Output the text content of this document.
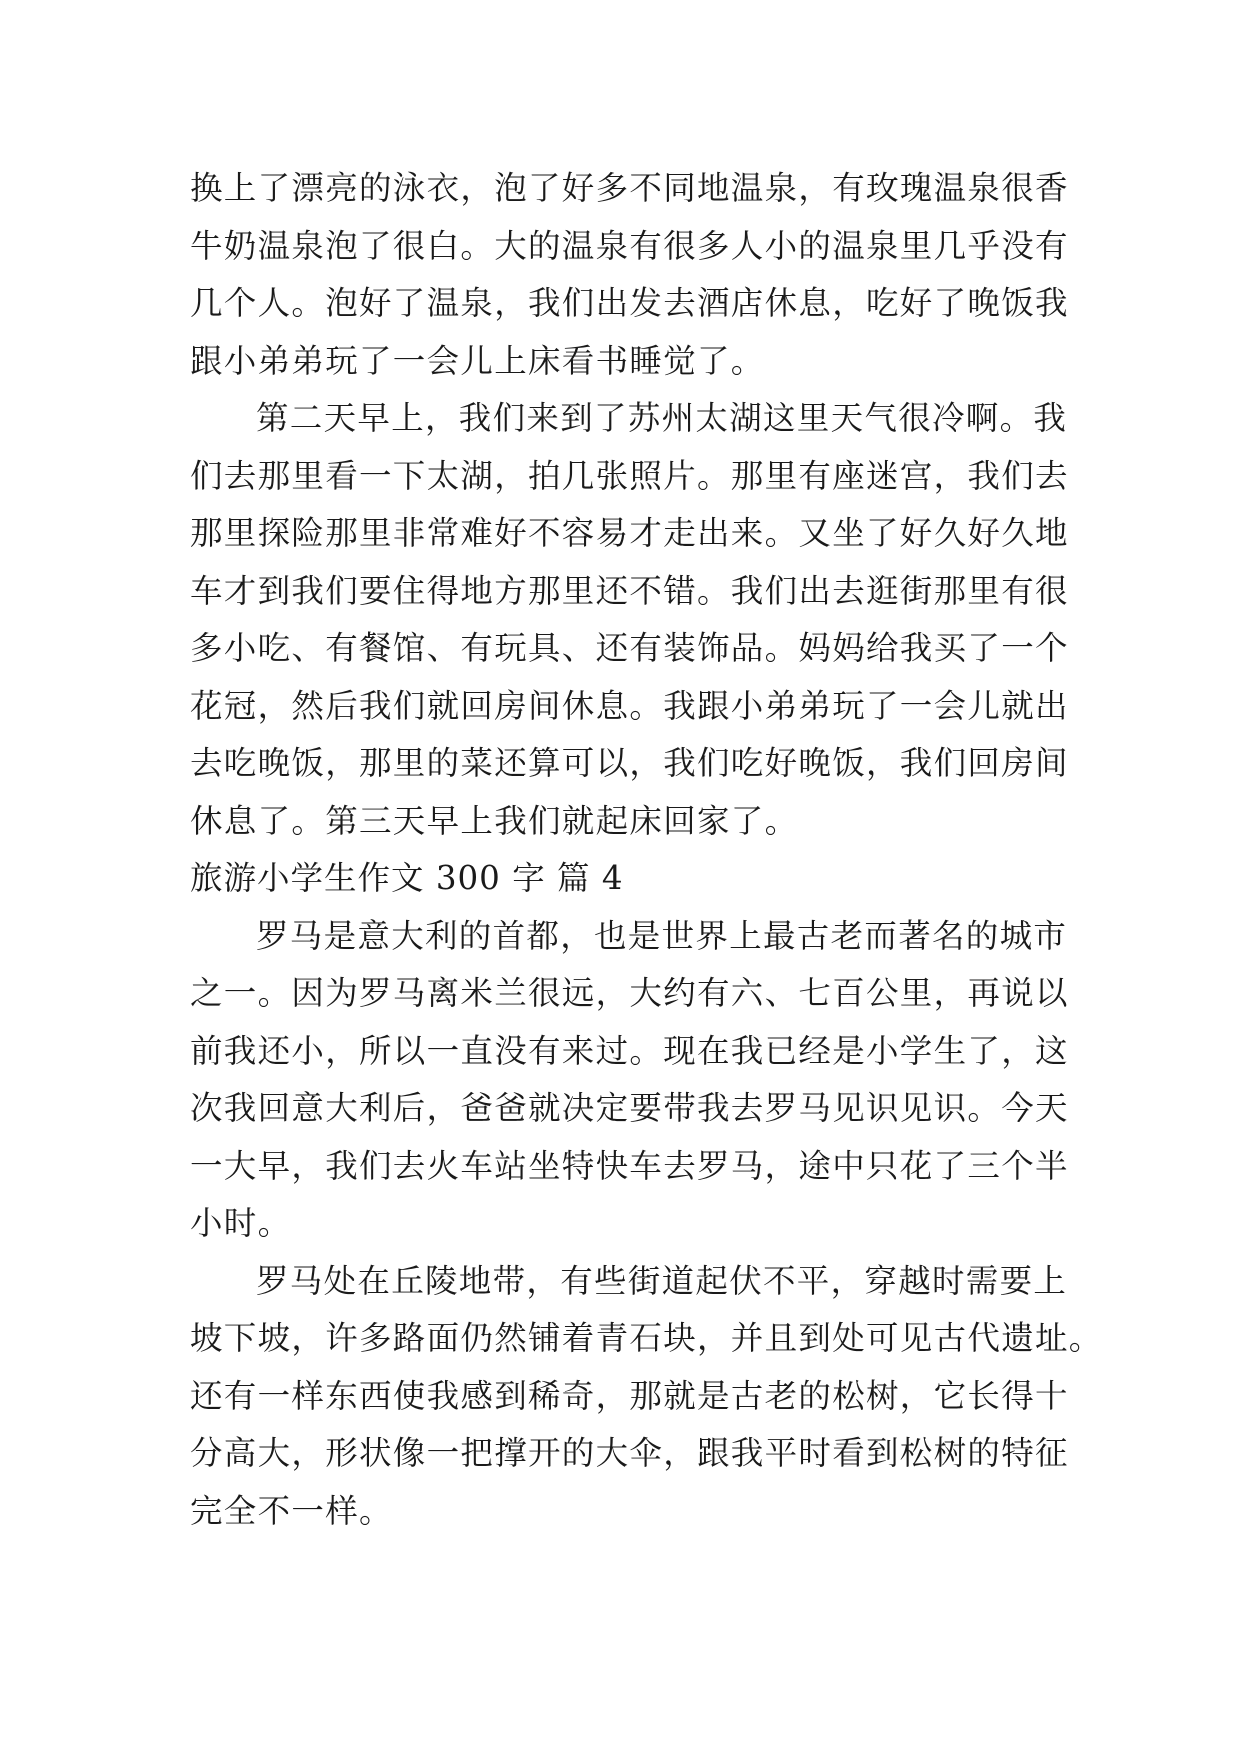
换上了漂亮的泳衣，泡了好多不同地温泉，有玫瑰温泉很香
牛奶温泉泡了很白。大的温泉有很多人小的温泉里几乎没有
几个人。泡好了温泉，我们出发去酒店休息，吃好了晚饭我
跟小弟弟玩了一会儿上床看书睡觉了。
第二天早上，我们来到了苏州太湖这里天气很冷啊。我
们去那里看一下太湖，拍几张照片。那里有座迷宫，我们去
那里探险那里非常难好不容易才走出来。又坐了好久好久地
车才到我们要住得地方那里还不错。我们出去逛街那里有很
多小吃、有餐馆、有玩具、还有装饰品。妈妈给我买了一个
花冠，然后我们就回房间休息。我跟小弟弟玩了一会儿就出
去吃晚饭，那里的菜还算可以，我们吃好晚饭，我们回房间
休息了。第三天早上我们就起床回家了。
旅游小学生作文 300 字 篇 4
罗马是意大利的首都，也是世界上最古老而著名的城市
之一。因为罗马离米兰很远，大约有六、七百公里，再说以
前我还小，所以一直没有来过。现在我已经是小学生了，这
次我回意大利后，爸爸就决定要带我去罗马见识见识。今天
一大早，我们去火车站坐特快车去罗马，途中只花了三个半
小时。
罗马处在丘陵地带，有些街道起伏不平，穿越时需要上
坡下坡，许多路面仍然铺着青石块，并且到处可见古代遗址。
还有一样东西使我感到稀奇，那就是古老的松树，它长得十
分高大，形状像一把撑开的大伞，跟我平时看到松树的特征
完全不一样。
